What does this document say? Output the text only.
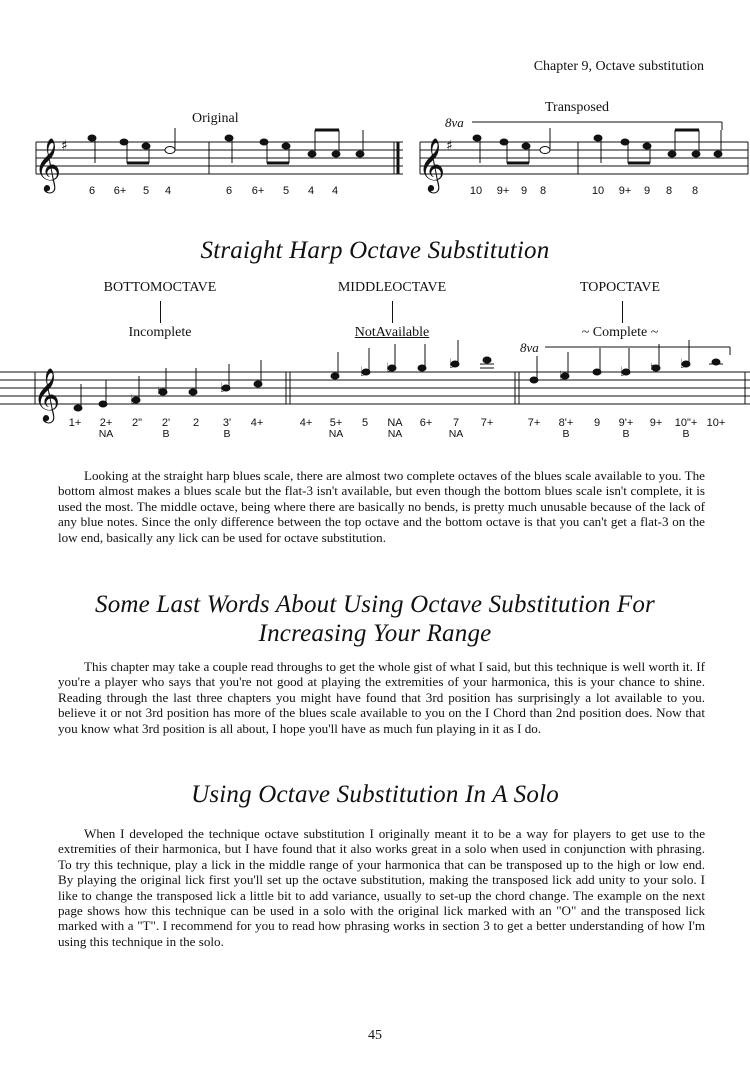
Chapter 9, Octave substitution
Original
Transposed
8va
𝄞	𝄞
𝄞
♯	♯
♭
♮	♭
♭ ♭	♭
♭	♭ ♮ ♭
6	6+	5	4	6	6+	5	4	4	10	9+	9	8	10	9+	9	8	8
Straight Harp Octave Substitution
BOTTOMOCTAVE	MIDDLEOCTAVE	TOPOCTAVE
Incomplete	NotAvailable	~ Complete ~
8va
1+	2+
NA
2"	2'
B
2	3'
B
4+	4+	5+
NA
5	NA
NA
6+	7
NA
7+	7+	8'+
B
9	9'+
B
9+	10"+
B
10+

Looking at the straight harp blues scale, there are almost two complete octaves of the blues scale available to you. The bottom almost makes a blues scale but the flat-3 isn't available, but even though the bottom blues scale isn't complete, it is used the most. The middle octave, being where there are basically no bends, is pretty much unusable because of the lack of any blue notes. Since the only difference between the top octave and the bottom octave is that you can't get a flat-3 on the low end, basically any lick can be used for octave substitution.

Some Last Words About Using Octave Substitution For
Increasing Your Range

This chapter may take a couple read throughs to get the whole gist of what I said, but this technique is well worth it. If you're a player who says that you're not good at playing the extremities of your harmonica, this is your chance to shine. Reading through the last three chapters you might have found that 3rd position has surprisingly a lot available to you. believe it or not 3rd position has more of the blues scale available to you on the I Chord than 2nd position does. Now that you know what 3rd position is all about, I hope you'll have as much fun playing in it as I do.

Using Octave Substitution In A Solo

When I developed the technique octave substitution I originally meant it to be a way for players to get use to the extremities of their harmonica, but I have found that it also works great in a solo when used in conjunction with phrasing. To try this technique, play a lick in the middle range of your harmonica that can be transposed up to the high or low end. By playing the original lick first you'll set up the octave substitution, making the transposed lick add unity to your solo. I like to change the transposed lick a little bit to add variance, usually to set-up the chord change. The example on the next page shows how this technique can be used in a solo with the original lick marked with an "O" and the transposed lick marked with a "T". I recommend for you to read how phrasing works in section 3 to get a better understanding of how I'm using this technique in the solo.

45
